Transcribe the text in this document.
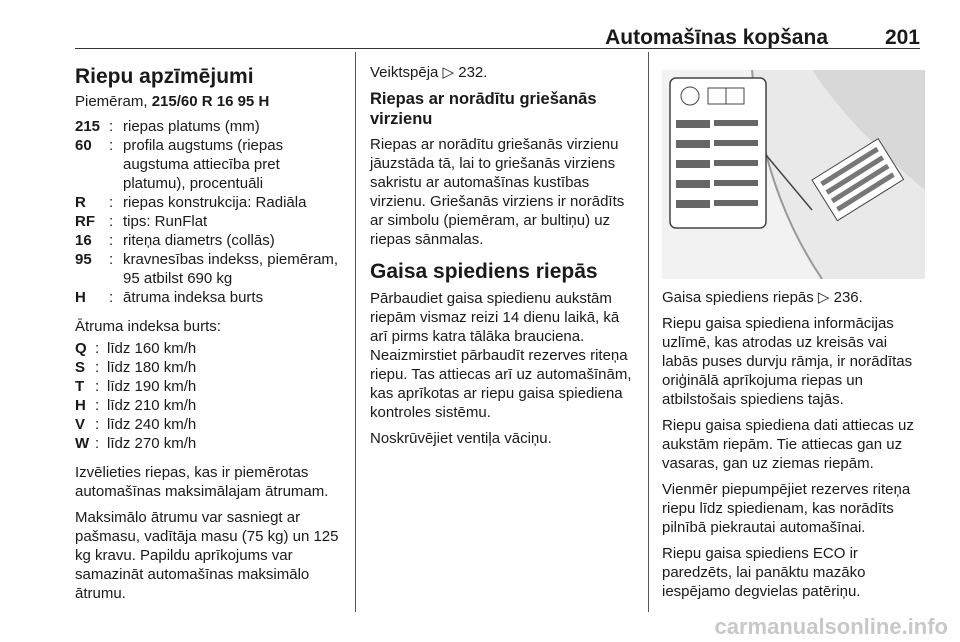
Automašīnas kopšana	201
Riepu apzīmējumi

Piemēram, 215/60 R 16 95 H

215 : riepas platums (mm)
60	: profila augstums (riepas augstuma attiecība pret platumu), procentuāli
R	: riepas konstrukcija: Radiāla
RF : tips: RunFlat
16	: riteņa diametrs (collās)
95	: kravnesības indekss, piemēram, 95 atbilst 690 kg
H	: ātruma indeksa burts

Ātruma indeksa burts:

Q : līdz 160 km/h
S : līdz 180 km/h
T : līdz 190 km/h
H : līdz 210 km/h
V : līdz 240 km/h
W : līdz 270 km/h

Izvēlieties riepas, kas ir piemērotas automašīnas maksimālajam ātrumam.

Maksimālo ātrumu var sasniegt ar pašmasu, vadītāja masu (75 kg) un 125 kg kravu. Papildu aprīkojums var samazināt automašīnas maksimālo ātrumu.

Veiktspēja ▷ 232.

Riepas ar norādītu griešanās virzienu

Riepas ar norādītu griešanās virzienu jāuzstāda tā, lai to griešanās virziens sakristu ar automašīnas kustības virzienu. Griešanās virziens ir norādīts ar simbolu (piemēram, ar bultiņu) uz riepas sānmalas.

Gaisa spiediens riepās

Pārbaudiet gaisa spiedienu aukstām riepām vismaz reizi 14 dienu laikā, kā arī pirms katra tālāka brauciena. Neaizmirstiet pārbaudīt rezerves riteņa riepu. Tas attiecas arī uz automašīnām, kas aprīkotas ar riepu gaisa spiediena kontroles sistēmu.

Noskrūvējiet ventiļa vāciņu.

Gaisa spiediens riepās ▷ 236.

Riepu gaisa spiediena informācijas uzlīmē, kas atrodas uz kreisās vai labās puses durvju rāmja, ir norādītas oriģinālā aprīkojuma riepas un atbilstošais spiediens tajās.

Riepu gaisa spiediena dati attiecas uz aukstām riepām. Tie attiecas gan uz vasaras, gan uz ziemas riepām.

Vienmēr piepumpējiet rezerves riteņa riepu līdz spiedienam, kas norādīts pilnībā piekrautai automašīnai.

Riepu gaisa spiediens ECO ir paredzēts, lai panāktu mazāko iespējamo degvielas patēriņu.

carmanualsonline.info
